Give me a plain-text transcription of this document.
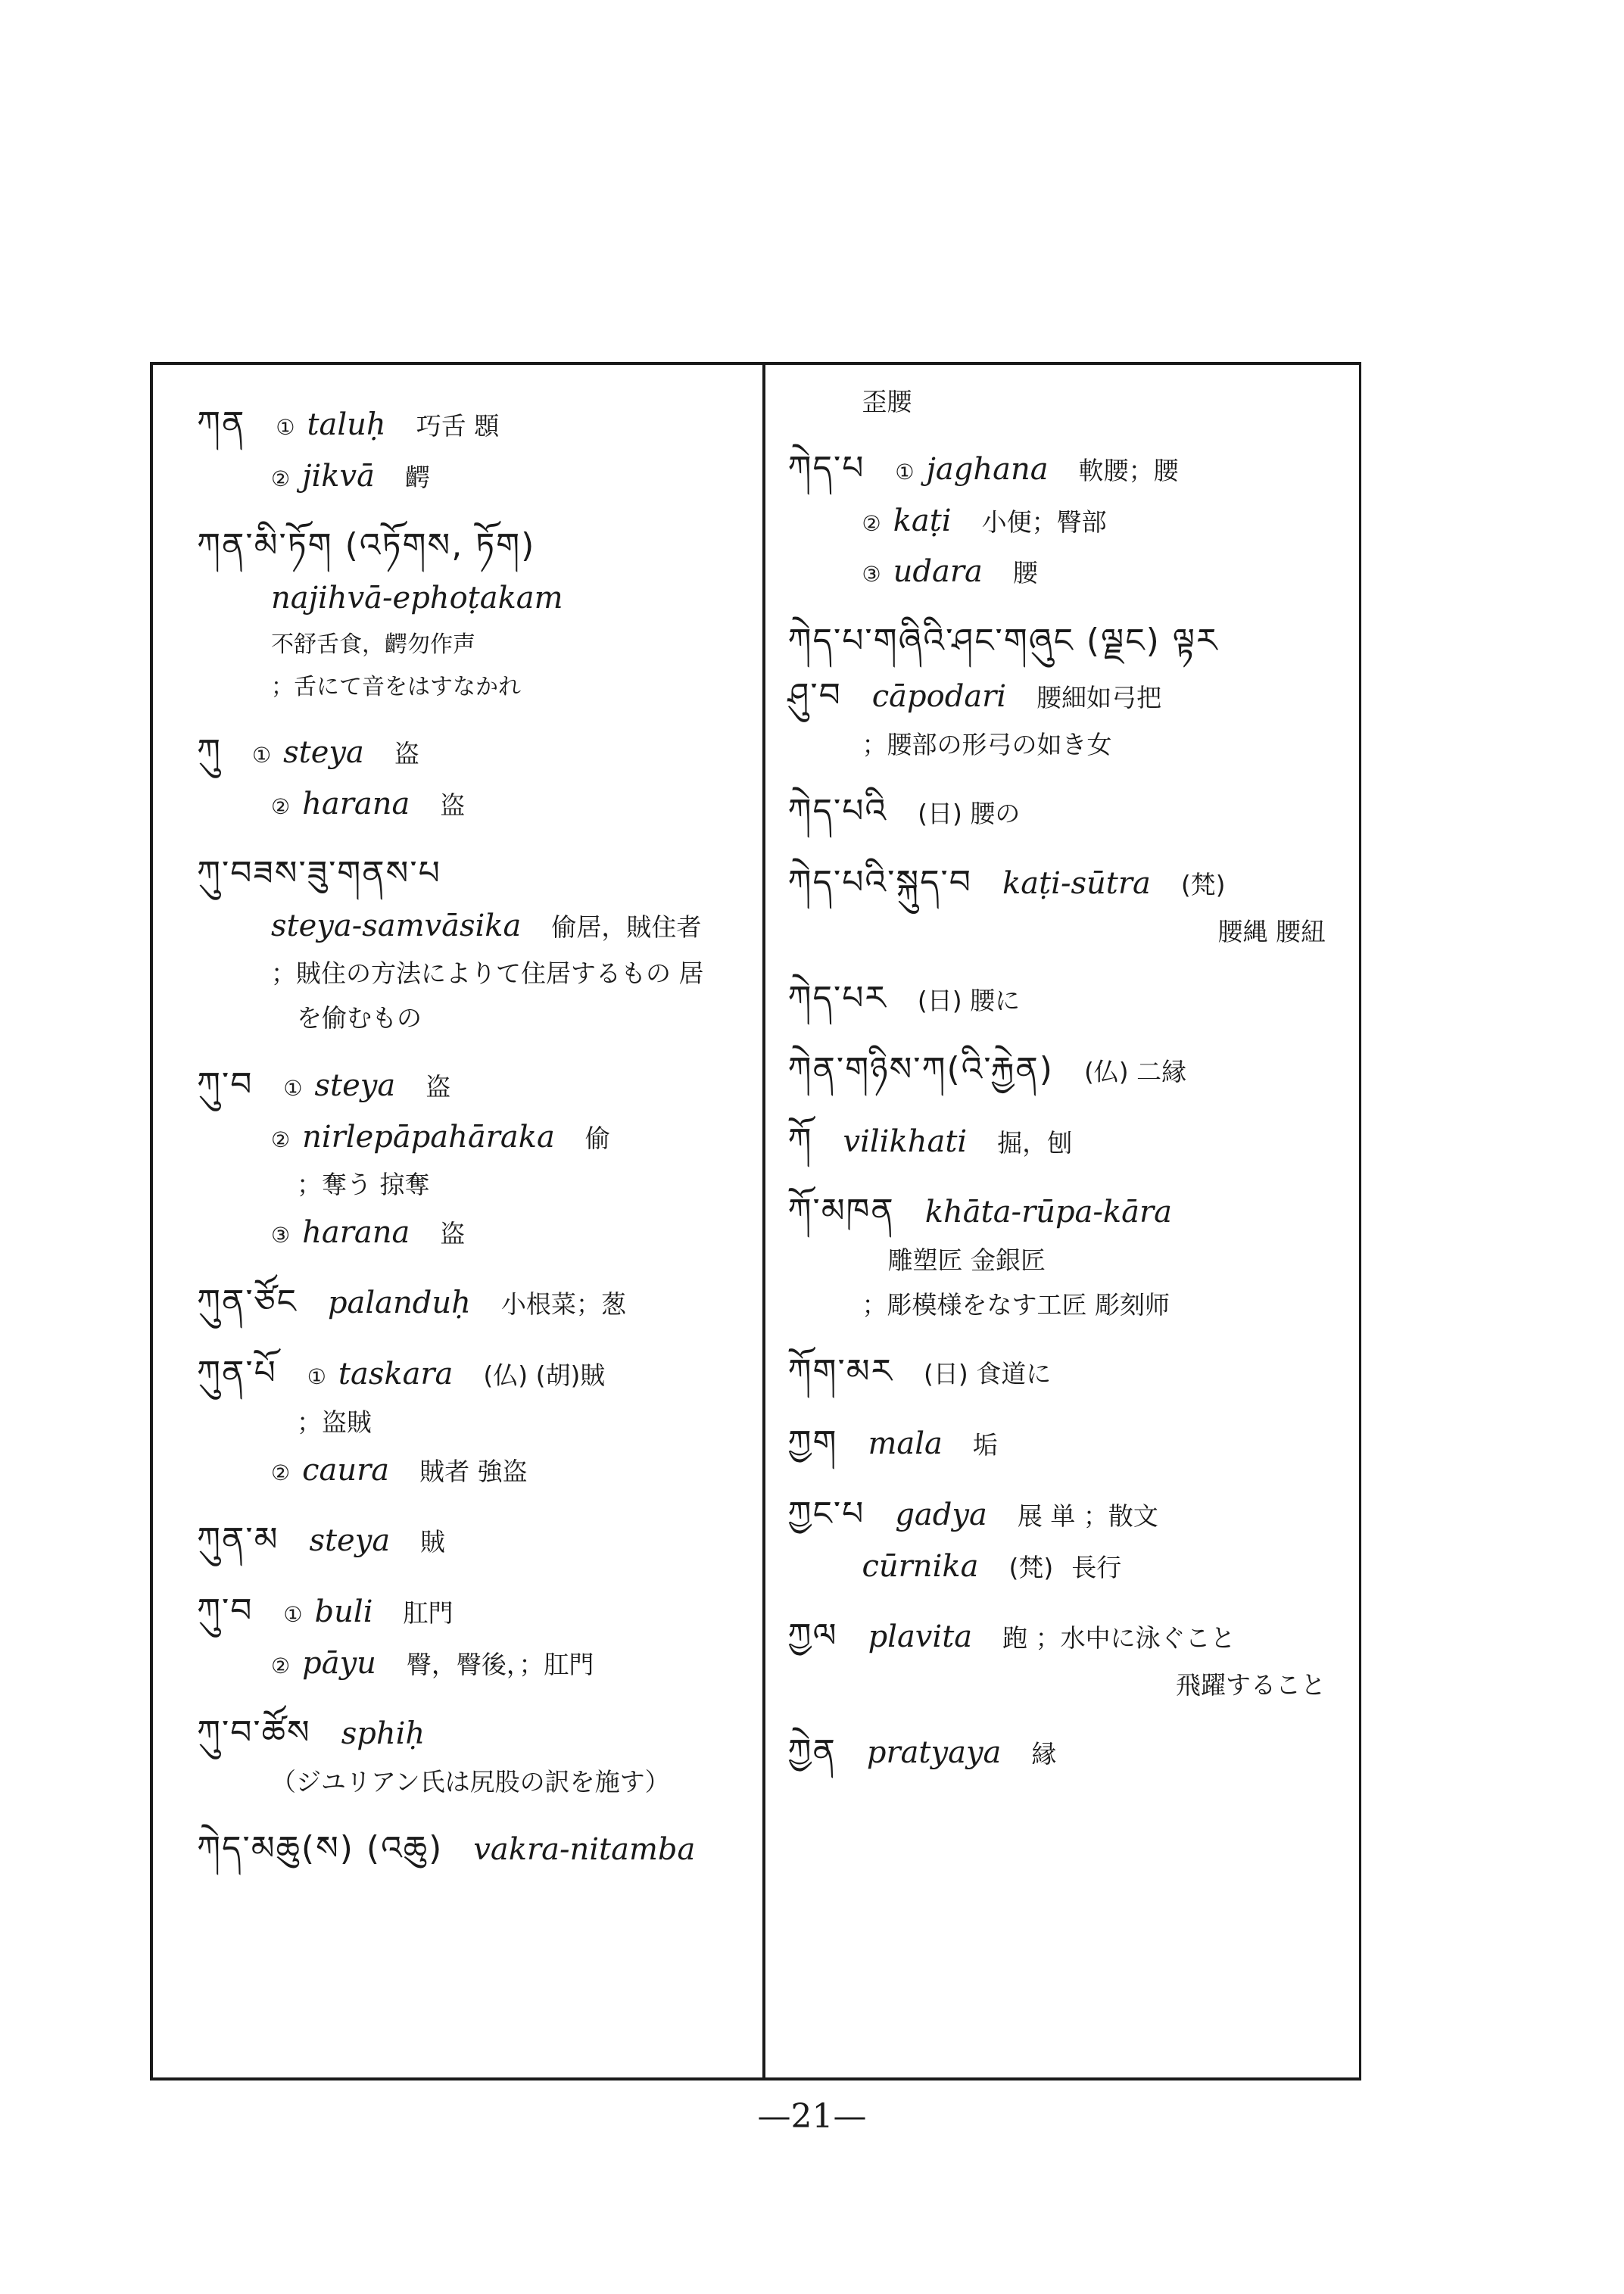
ཀན ① taluḥ 巧舌 顋
② jikvā 齶
ཀན་མི་ཏོག (འཏོགས, ཏོག)
najihvā-ephoṭakam
不舒舌食，齶勿作声
；舌にて音をはすなかれ
ཀུ ① steya 盗
② harana 盗
ཀུ་བཟས་ཟུ་གནས་པ
steya-samvāsika 偷居，賊住者
；賊住の方法によりて住居するもの 居
を偷むもの
ཀུ་བ ① steya 盗
② nirlepāpahāraka 偷
；奪う 掠奪
③ harana 盗
ཀུན་ཙོང palanduḥ 小根菜；葱
ཀུན་པོ ① taskara (仏) (胡)賊
；盗賊
② caura 賊者 強盗
ཀུན་མ steya 賊
ཀུ་བ ① buli 肛門
② pāyu 臀，臀後，；肛門
ཀུ་བ་ཚོས sphiḥ
（ジユリアン氏は尻股の訳を施す）
ཀེད་མཆུ(ས) (འཆུ) vakra-nitamba
歪腰
ཀེད་པ ① jaghana 軟腰；腰
② kaṭi 小便；臀部
③ udara 腰
ཀེད་པ་གཞིའི་ཤང་གཞུང (ལྗང) ལྟར
ཤུ་བ cāpodari 腰細如弓把
；腰部の形弓の如き女
ཀེད་པའི (日) 腰の
ཀེད་པའི་སྐུད་བ kaṭi-sūtra (梵)
腰縄 腰紐
ཀེད་པར (日) 腰に
ཀེན་གཉིས་ཀ(འི་རྐྱེན) (仏) 二縁
ཀོ vilikhati 掘，刨
ཀོ་མཁན khāta-rūpa-kāra
雕塑匠 金銀匠
；彫模様をなす工匠 彫刻师
ཀོག་མར (日) 食道に
ཀྱག mala 垢
ཀྱང་པ gadya 展 単 ；散文
cūrnika (梵) 長行
ཀྱལ plavita 跑 ；水中に泳ぐこと
飛躍すること
ཀྱེན pratyaya 縁
—21—
